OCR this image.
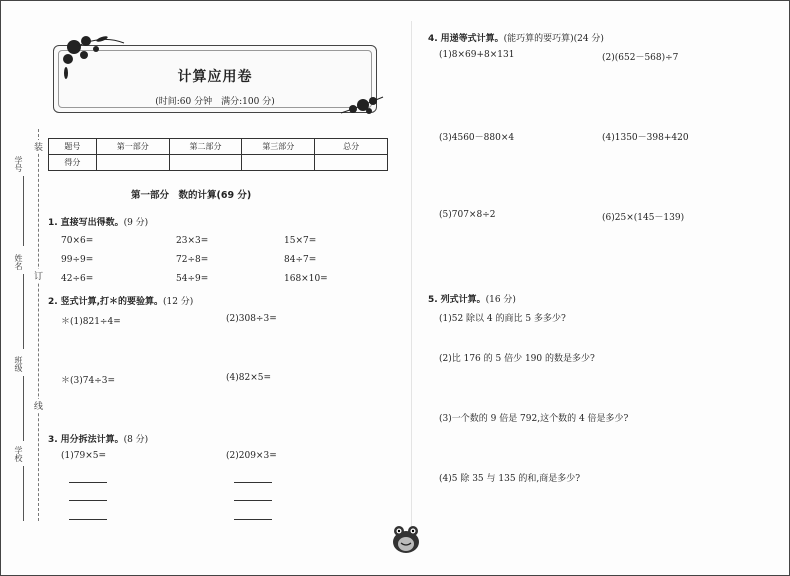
学号
姓名
班级
学校
装
订
线
计算应用卷
(时间:60 分钟　满分:100 分)
题号	第一部分	第二部分	第三部分	总分
得分				
第一部分　数的计算(69 分)
1. 直接写出得数。(9 分)
70×6=	23×3=	15×7=
99÷9=	72÷8=	84÷7=
42÷6=	54÷9=	168×10=
2. 竖式计算,打＊的要验算。(12 分)
＊(1)821÷4=	(2)308÷3=
＊(3)74÷3=	(4)82×5=
3. 用分拆法计算。(8 分)
(1)79×5=	(2)209×3=
4. 用递等式计算。(能巧算的要巧算)(24 分)
(1)8×69+8×131	(2)(652－568)÷7
(3)4560－880×4	(4)1350－398+420
(5)707×8÷2	(6)25×(145－139)
5. 列式计算。(16 分)
(1)52 除以 4 的商比 5 多多少?
(2)比 176 的 5 倍少 190 的数是多少?
(3)一个数的 9 倍是 792,这个数的 4 倍是多少?
(4)5 除 35 与 135 的和,商是多少?
